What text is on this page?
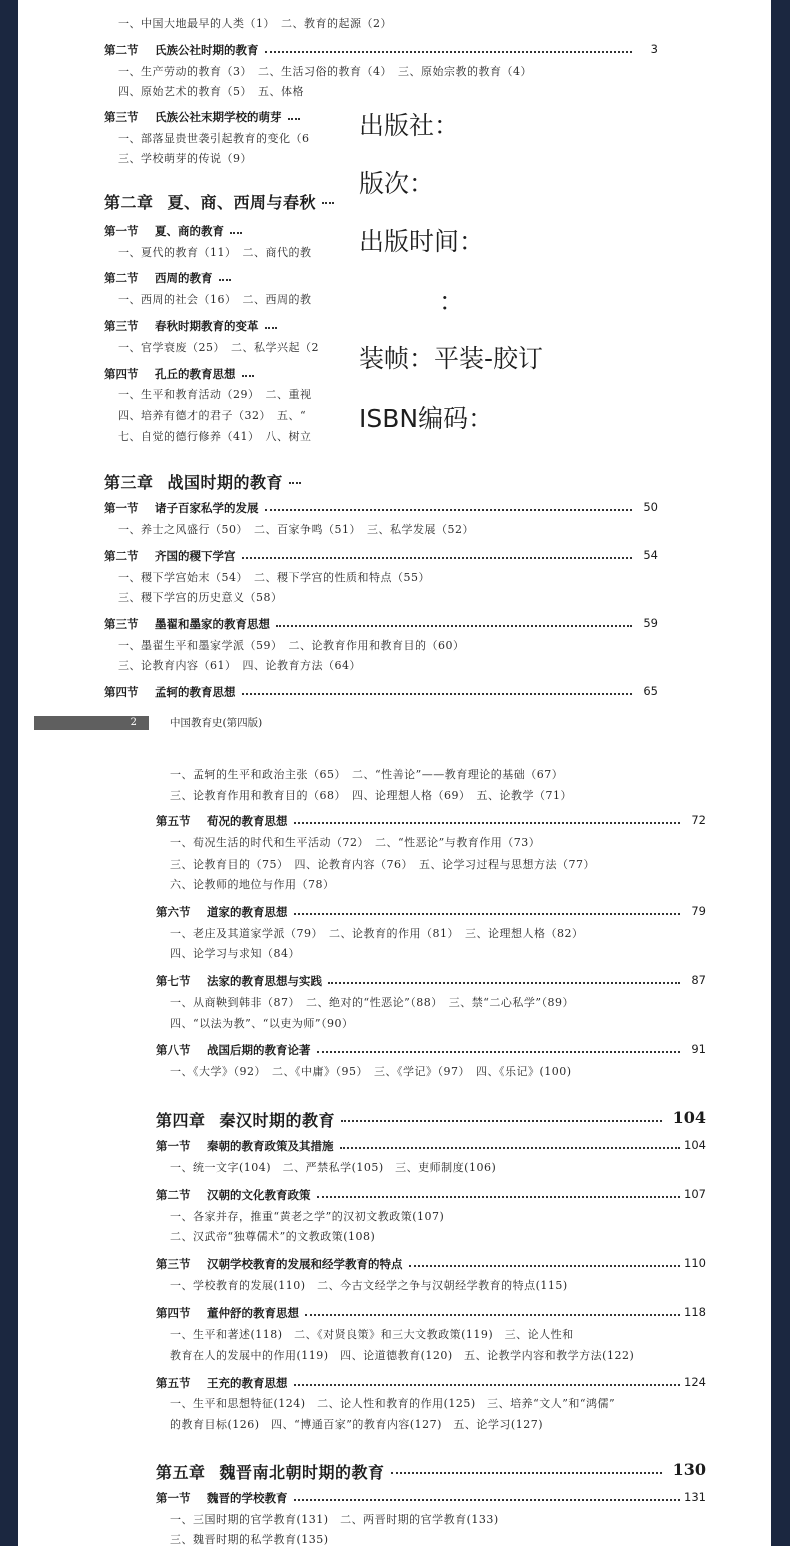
一、中国大地最早的人类（1）　二、教育的起源（2）
第二节 氏族公社时期的教育	3
一、生产劳动的教育（3）　二、生活习俗的教育（4）　三、原始宗教的教育（4）
四、原始艺术的教育（5）　五、体格
第三节 氏族公社末期学校的萌芽
一、部落显贵世袭引起教育的变化（6
三、学校萌芽的传说（9）
第二章 夏、商、西周与春秋
第一节 夏、商的教育
一、夏代的教育（11）　二、商代的教
第二节 西周的教育
一、西周的社会（16）　二、西周的教
第三节 春秋时期教育的变革
一、官学衰废（25）　二、私学兴起（2
第四节 孔丘的教育思想
一、生平和教育活动（29）　二、重视
四、培养有德才的君子（32）　五、“
七、自觉的德行修养（41）　八、树立
第三章 战国时期的教育
第一节 诸子百家私学的发展	50
一、养士之风盛行（50）　二、百家争鸣（51）　三、私学发展（52）
第二节 齐国的稷下学宫	54
一、稷下学宫始末（54）　二、稷下学宫的性质和特点（55）
三、稷下学宫的历史意义（58）
第三节 墨翟和墨家的教育思想	59
一、墨翟生平和墨家学派（59）　二、论教育作用和教育目的（60）
三、论教育内容（61）　四、论教育方法（64）
第四节 孟轲的教育思想	65
一、孟轲的生平和政治主张（65）　二、“性善论”——教育理论的基础（67）
三、论教育作用和教育目的（68）　四、论理想人格（69）　五、论教学（71）
第五节 荀况的教育思想	72
一、荀况生活的时代和生平活动（72）　二、“性恶论”与教育作用（73）
三、论教育目的（75）　四、论教育内容（76）　五、论学习过程与思想方法（77）
六、论教师的地位与作用（78）
第六节 道家的教育思想	79
一、老庄及其道家学派（79）　二、论教育的作用（81）　三、论理想人格（82）
四、论学习与求知（84）
第七节 法家的教育思想与实践	87
一、从商鞅到韩非（87）　二、绝对的“性恶论”（88）　三、禁“二心私学”（89）
四、“以法为教”、“以吏为师”（90）
第八节 战国后期的教育论著	91
一、《大学》（92）　二、《中庸》（95）　三、《学记》（97）　四、《乐记》(100)
第四章 秦汉时期的教育	104
第一节 秦朝的教育政策及其措施	104
一、统一文字(104)　二、严禁私学(105)　三、吏师制度(106)
第二节 汉朝的文化教育政策	107
一、各家并存，推重“黄老之学”的汉初文教政策(107)
二、汉武帝“独尊儒术”的文教政策(108)
第三节 汉朝学校教育的发展和经学教育的特点	110
一、学校教育的发展(110)　二、今古文经学之争与汉朝经学教育的特点(115)
第四节 董仲舒的教育思想	118
一、生平和著述(118)　二、《对贤良策》和三大文教政策(119)　三、论人性和
教育在人的发展中的作用(119)　四、论道德教育(120)　五、论教学内容和教学方法(122)
第五节 王充的教育思想	124
一、生平和思想特征(124)　二、论人性和教育的作用(125)　三、培养“文人”和“鸿儒”
的教育目标(126)　四、“博通百家”的教育内容(127)　五、论学习(127)
第五章 魏晋南北朝时期的教育	130
第一节 魏晋的学校教育	131
一、三国时期的官学教育(131)　二、两晋时期的官学教育(133)
三、魏晋时期的私学教育(135)
2	中国教育史(第四版)
出版社：
版次：
出版时间：
：
装帧：平装-胶订
ISBN编码：
